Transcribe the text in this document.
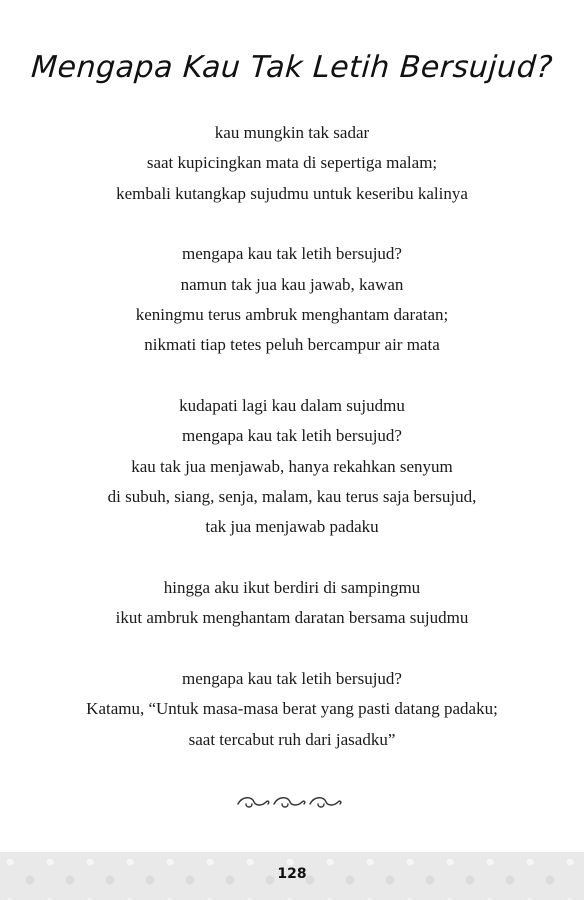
Mengapa Kau Tak Letih Bersujud?

kau mungkin tak sadar
saat kupicingkan mata di sepertiga malam;
kembali kutangkap sujudmu untuk keseribu kalinya

mengapa kau tak letih bersujud?
namun tak jua kau jawab, kawan
keningmu terus ambruk menghantam daratan;
nikmati tiap tetes peluh bercampur air mata

kudapati lagi kau dalam sujudmu
mengapa kau tak letih bersujud?
kau tak jua menjawab, hanya rekahkan senyum
di subuh, siang, senja, malam, kau terus saja bersujud,
tak jua menjawab padaku

hingga aku ikut berdiri di sampingmu
ikut ambruk menghantam daratan bersama sujudmu

mengapa kau tak letih bersujud?
Katamu, “Untuk masa-masa berat yang pasti datang padaku;
saat tercabut ruh dari jasadku”

128
